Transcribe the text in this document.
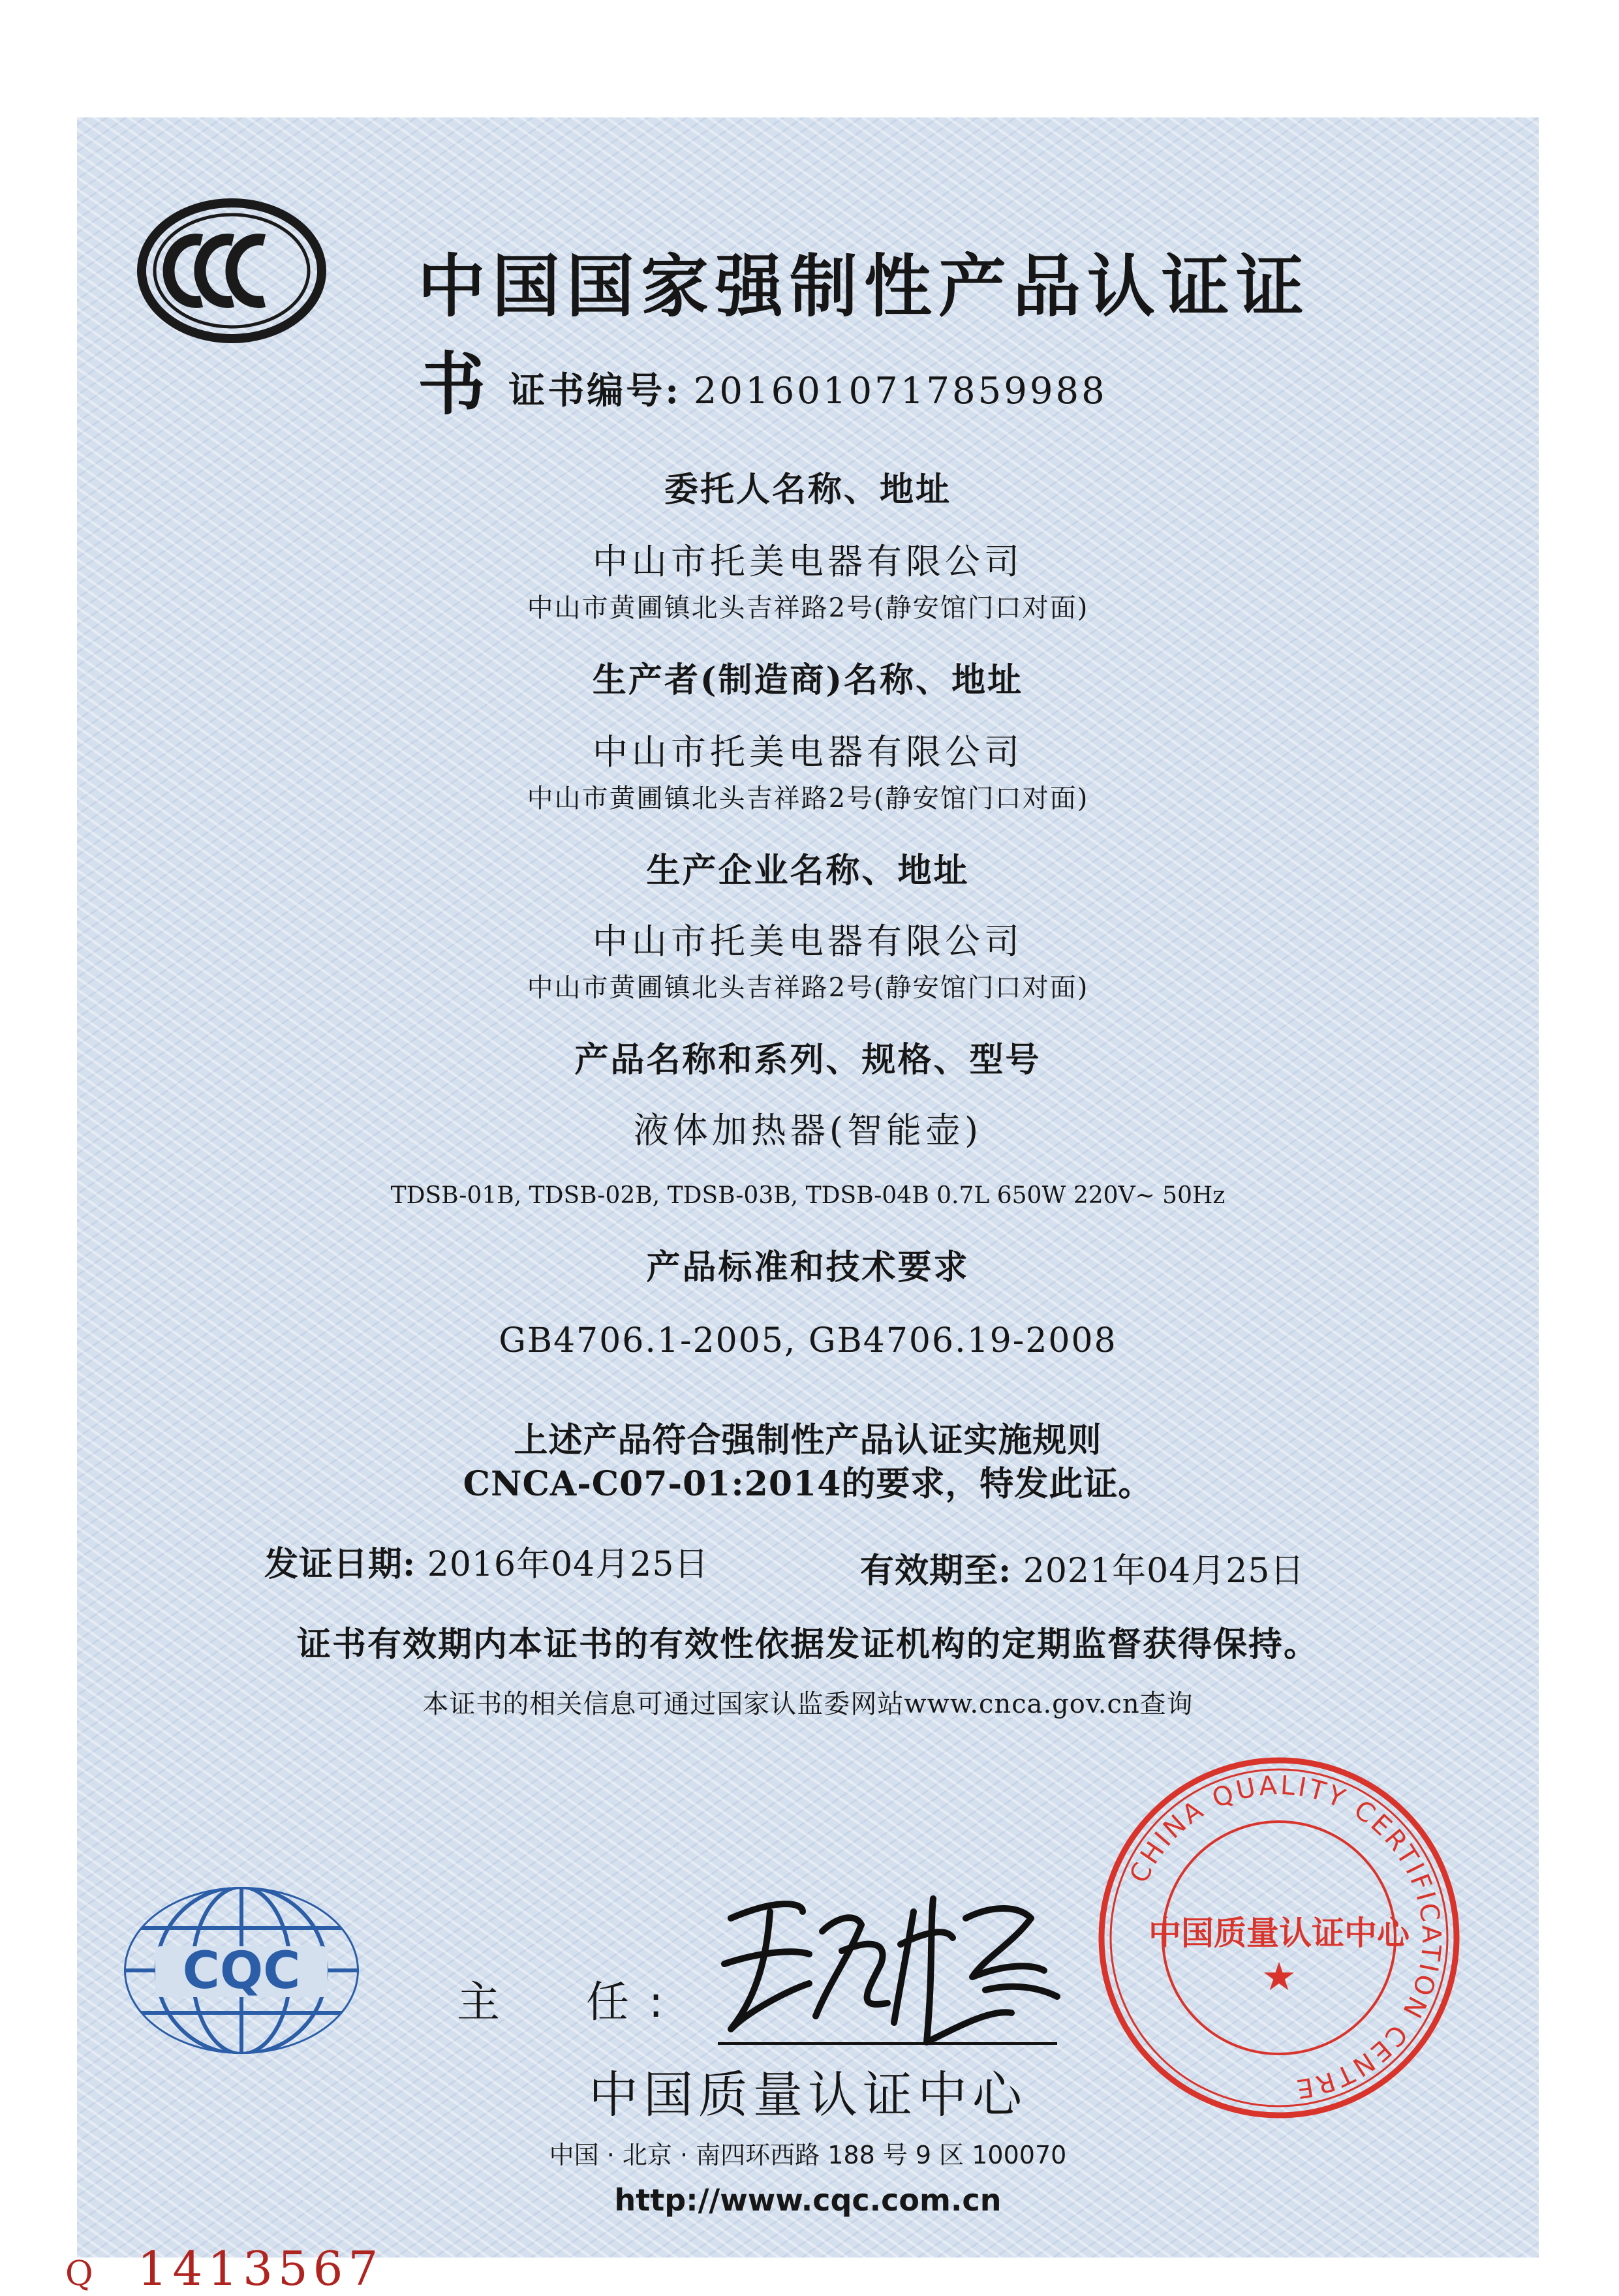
中国国家强制性产品认证证书 证书编号: 2016010717859988
委托人名称、地址
中山市托美电器有限公司
中山市黄圃镇北头吉祥路2号(静安馆门口对面)
生产者(制造商)名称、地址
中山市托美电器有限公司
中山市黄圃镇北头吉祥路2号(静安馆门口对面)
生产企业名称、地址
中山市托美电器有限公司
中山市黄圃镇北头吉祥路2号(静安馆门口对面)
产品名称和系列、规格、型号
液体加热器(智能壶)
TDSB-01B, TDSB-02B, TDSB-03B, TDSB-04B 0.7L 650W 220V~ 50Hz
产品标准和技术要求
GB4706.1-2005, GB4706.19-2008
上述产品符合强制性产品认证实施规则
CNCA-C07-01:2014的要求，特发此证。
发证日期: 2016年04月25日	有效期至: 2021年04月25日
证书有效期内本证书的有效性依据发证机构的定期监督获得保持。
本证书的相关信息可通过国家认监委网站www.cnca.gov.cn查询
CQC
主  任:
中国质量认证中心
中国 · 北京 · 南四环西路 188 号 9 区 100070
http://www.cqc.com.cn
CHINA QUALITY CERTIFICATION CENTRE
中国质量认证中心
★
Q 1413567
